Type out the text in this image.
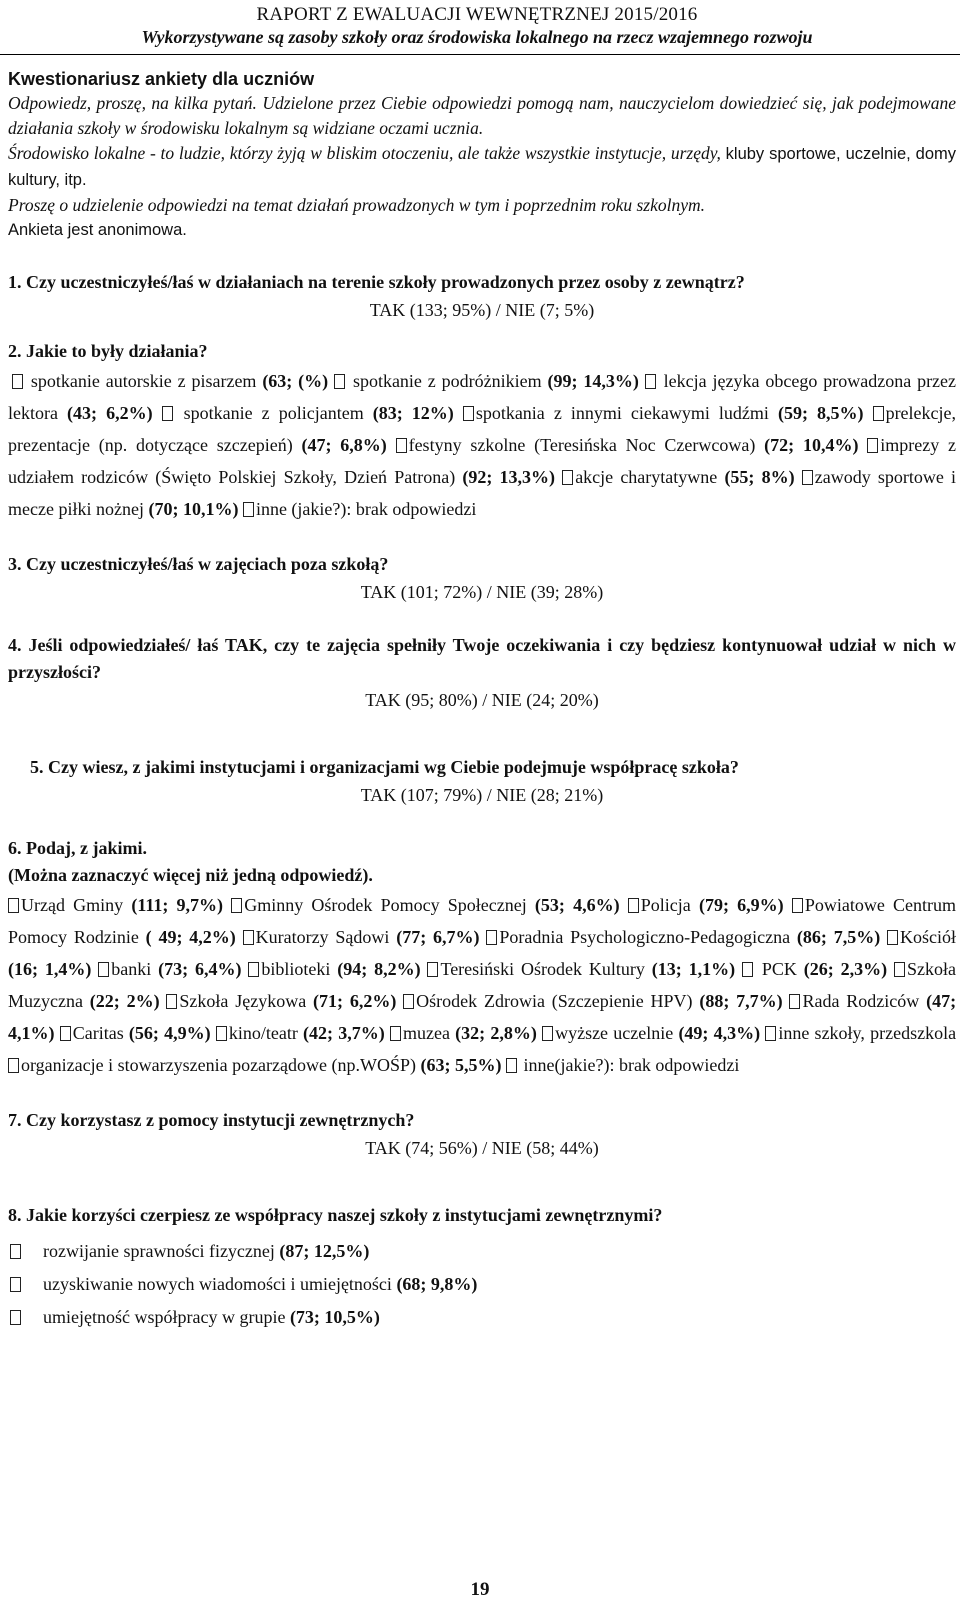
RAPORT Z EWALUACJI WEWNĘTRZNEJ 2015/2016
Wykorzystywane są zasoby szkoły oraz środowiska lokalnego na rzecz wzajemnego rozwoju
Kwestionariusz ankiety dla uczniów

Odpowiedz, proszę, na kilka pytań. Udzielone przez Ciebie odpowiedzi pomogą nam, nauczycielom dowiedzieć się, jak podejmowane działania szkoły w środowisku lokalnym są widziane oczami ucznia.

Środowisko lokalne - to ludzie, którzy żyją w bliskim otoczeniu, ale także wszystkie instytucje, urzędy, kluby sportowe, uczelnie, domy kultury, itp.

Proszę o udzielenie odpowiedzi na temat działań prowadzonych w tym i poprzednim roku szkolnym.

Ankieta jest anonimowa.

1. Czy uczestniczyłeś/łaś w działaniach na terenie szkoły prowadzonych przez osoby z zewnątrz?

TAK (133; 95%) / NIE (7; 5%)

2. Jakie to były działania?

spotkanie autorskie z pisarzem (63; (%)  spotkanie z podróżnikiem (99; 14,3%)  lekcja języka obcego prowadzona przez lektora (43; 6,2%)  spotkanie z policjantem (83; 12%) spotkania z innymi ciekawymi ludźmi (59; 8,5%) prelekcje, prezentacje (np. dotyczące szczepień) (47; 6,8%) festyny szkolne (Teresińska Noc Czerwcowa) (72; 10,4%) imprezy z udziałem rodziców (Święto Polskiej Szkoły, Dzień Patrona) (92; 13,3%) akcje charytatywne (55; 8%) zawody sportowe i mecze piłki nożnej (70; 10,1%) inne (jakie?): brak odpowiedzi

3. Czy uczestniczyłeś/łaś w zajęciach poza szkołą?

TAK (101; 72%) / NIE (39; 28%)

4. Jeśli odpowiedziałeś/ łaś TAK, czy te zajęcia spełniły Twoje oczekiwania i czy będziesz kontynuował udział w nich w przyszłości?

TAK (95; 80%) / NIE (24; 20%)

5. Czy wiesz, z jakimi instytucjami i organizacjami wg Ciebie podejmuje współpracę szkoła?

TAK (107; 79%) / NIE (28; 21%)

6. Podaj, z jakimi.

(Można zaznaczyć więcej niż jedną odpowiedź).

Urząd Gminy (111; 9,7%) Gminny Ośrodek Pomocy Społecznej (53; 4,6%) Policja (79; 6,9%) Powiatowe Centrum Pomocy Rodzinie ( 49; 4,2%) Kuratorzy Sądowi (77; 6,7%) Poradnia Psychologiczno-Pedagogiczna (86; 7,5%) Kościół (16; 1,4%) banki (73; 6,4%) biblioteki (94; 8,2%) Teresiński Ośrodek Kultury (13; 1,1%)  PCK (26; 2,3%) Szkoła Muzyczna (22; 2%) Szkoła Językowa (71; 6,2%) Ośrodek Zdrowia (Szczepienie HPV) (88; 7,7%) Rada Rodziców (47; 4,1%) Caritas (56; 4,9%) kino/teatr (42; 3,7%) muzea (32; 2,8%) wyższe uczelnie (49; 4,3%) inne szkoły, przedszkola organizacje i stowarzyszenia pozarządowe (np.WOŚP) (63; 5,5%)  inne(jakie?): brak odpowiedzi

7. Czy korzystasz z pomocy instytucji zewnętrznych?

TAK (74; 56%) / NIE (58; 44%)

8. Jakie korzyści czerpiesz ze współpracy naszej szkoły z instytucjami zewnętrznymi?

rozwijanie sprawności fizycznej (87; 12,5%)
uzyskiwanie nowych wiadomości i umiejętności (68; 9,8%)
umiejętność współpracy w grupie (73; 10,5%)
19
